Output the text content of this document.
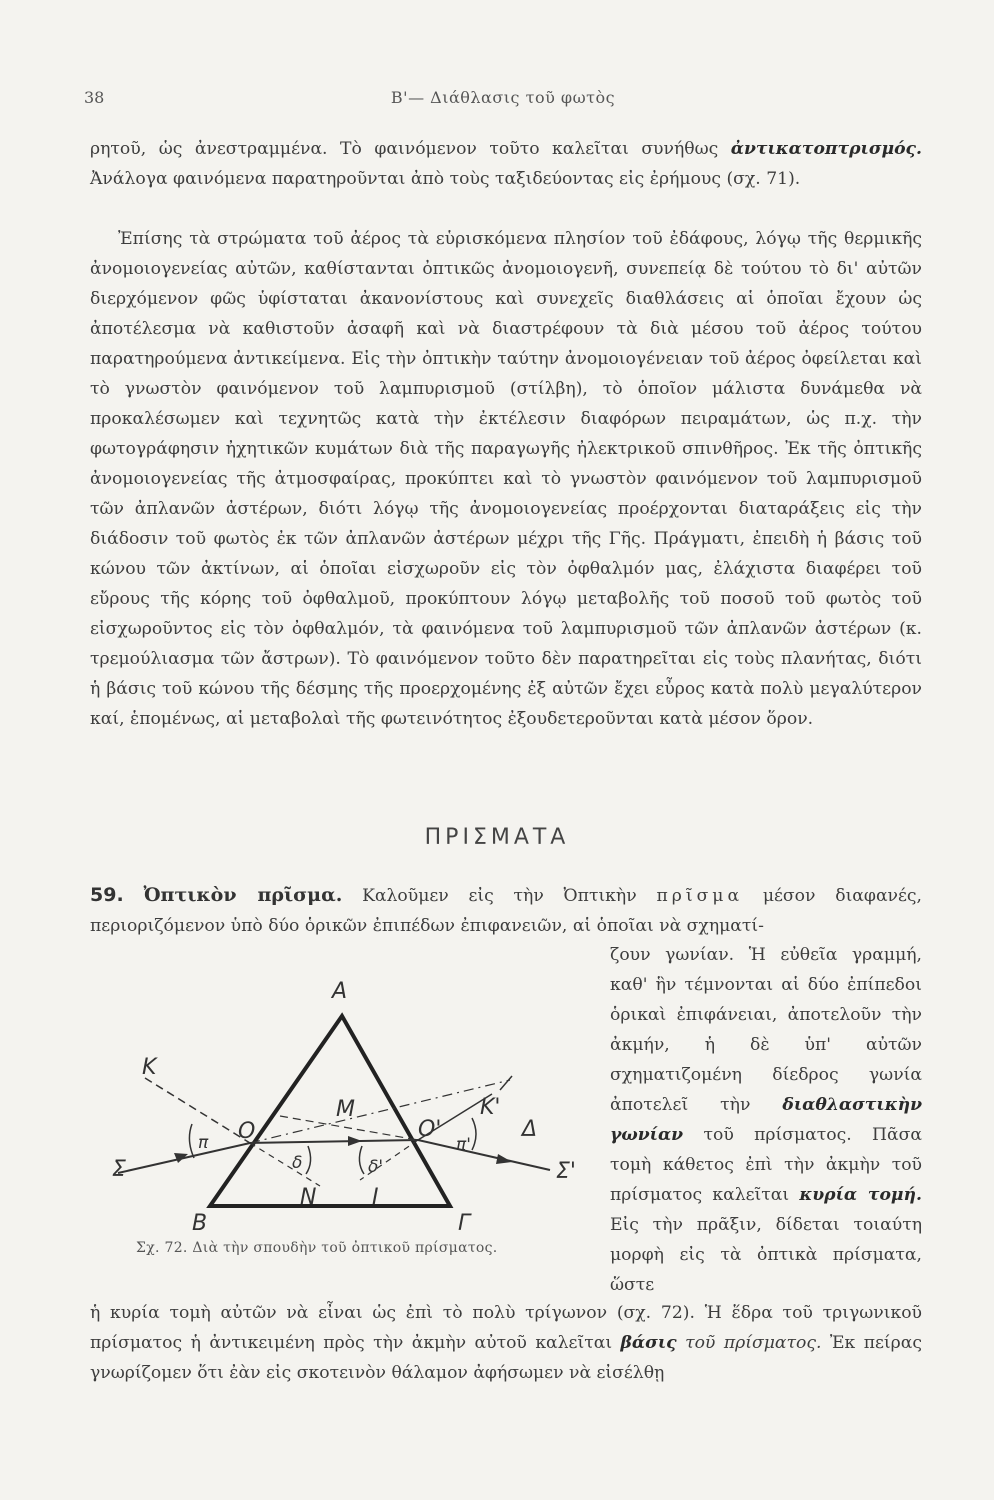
38	Β'— Διάθλασις τοῦ φωτὸς
ρητοῦ, ὡς ἀνεστραμμένα. Τὸ φαινόμενον τοῦτο καλεῖται συνήθως ἀντικατοπτρισμός. Ἀνάλογα φαινόμενα παρατηροῦνται ἀπὸ τοὺς ταξιδεύοντας εἰς ἐρήμους (σχ. 71).
Ἐπίσης τὰ στρώματα τοῦ ἀέρος τὰ εὑρισκόμενα πλησίον τοῦ ἐδάφους, λόγῳ τῆς θερμικῆς ἀνομοιογενείας αὐτῶν, καθίστανται ὀπτικῶς ἀνομοιογενῆ, συνεπείᾳ δὲ τούτου τὸ δι' αὐτῶν διερχόμενον φῶς ὑφίσταται ἀκανονίστους καὶ συνεχεῖς διαθλάσεις αἱ ὁποῖαι ἔχουν ὡς ἀποτέλεσμα νὰ καθιστοῦν ἀσαφῆ καὶ νὰ διαστρέφουν τὰ διὰ μέσου τοῦ ἀέρος τούτου παρατηρούμενα ἀντικείμενα. Εἰς τὴν ὀπτικὴν ταύτην ἀνομοιογένειαν τοῦ ἀέρος ὀφείλεται καὶ τὸ γνωστὸν φαινόμενον τοῦ λαμπυρισμοῦ (στίλβη), τὸ ὁποῖον μάλιστα δυνάμεθα νὰ προκαλέσωμεν καὶ τεχνητῶς κατὰ τὴν ἐκτέλεσιν διαφόρων πειραμάτων, ὡς π.χ. τὴν φωτογράφησιν ἠχητικῶν κυμάτων διὰ τῆς παραγωγῆς ἠλεκτρικοῦ σπινθῆρος. Ἐκ τῆς ὀπτικῆς ἀνομοιογενείας τῆς ἀτμοσφαίρας, προκύπτει καὶ τὸ γνωστὸν φαινόμενον τοῦ λαμπυρισμοῦ τῶν ἀπλανῶν ἀστέρων, διότι λόγῳ τῆς ἀνομοιογενείας προέρχονται διαταράξεις εἰς τὴν διάδοσιν τοῦ φωτὸς ἐκ τῶν ἀπλανῶν ἀστέρων μέχρι τῆς Γῆς. Πράγματι, ἐπειδὴ ἡ βάσις τοῦ κώνου τῶν ἀκτίνων, αἱ ὁποῖαι εἰσχωροῦν εἰς τὸν ὀφθαλμόν μας, ἐλάχιστα διαφέρει τοῦ εὔρους τῆς κόρης τοῦ ὀφθαλμοῦ, προκύπτουν λόγῳ μεταβολῆς τοῦ ποσοῦ τοῦ φωτὸς τοῦ εἰσχωροῦντος εἰς τὸν ὀφθαλμόν, τὰ φαινόμενα τοῦ λαμπυρισμοῦ τῶν ἀπλανῶν ἀστέρων (κ. τρεμούλιασμα τῶν ἄστρων). Τὸ φαινόμενον τοῦτο δὲν παρατηρεῖται εἰς τοὺς πλανήτας, διότι ἡ βάσις τοῦ κώνου τῆς δέσμης τῆς προερχομένης ἐξ αὐτῶν ἔχει εὖρος κατὰ πολὺ μεγαλύτερον καί, ἑπομένως, αἱ μεταβολαὶ τῆς φωτεινότητος ἐξουδετεροῦνται κατὰ μέσον ὅρον.
ΠΡΙΣΜΑΤΑ
59. Ὀπτικὸν πρῖσμα. Καλοῦμεν εἰς τὴν Ὀπτικὴν πρῖσμα μέσον διαφανές, περιοριζόμενον ὑπὸ δύο ὁρικῶν ἐπιπέδων ἐπιφανειῶν, αἱ ὁποῖαι νὰ σχηματί-
ζουν γωνίαν. Ἡ εὐθεῖα γραμμή, καθ' ἣν τέμνονται αἱ δύο ἐπίπεδοι ὁρικαὶ ἐπιφάνειαι, ἀποτελοῦν τὴν ἀκμήν, ἡ δὲ ὑπ' αὐτῶν σχηματιζομένη δίεδρος γωνία ἀποτελεῖ τὴν διαθλαστικὴν γωνίαν τοῦ πρίσματος. Πᾶσα τομὴ κάθετος ἐπὶ τὴν ἀκμὴν τοῦ πρίσματος καλεῖται κυρία τομή. Εἰς τὴν πρᾶξιν, δίδεται τοιαύτη μορφὴ εἰς τὰ ὀπτικὰ πρίσματα, ὥστε
A
B	Γ
K
K'
O	O'
M
N	I
Σ	Σ'
Δ
π	π'
δ	δ'
Σχ. 72. Διὰ τὴν σπουδὴν τοῦ ὀπτικοῦ πρίσματος.
ἡ κυρία τομὴ αὐτῶν νὰ εἶναι ὡς ἐπὶ τὸ πολὺ τρίγωνον (σχ. 72). Ἡ ἕδρα τοῦ τριγωνικοῦ πρίσματος ἡ ἀντικειμένη πρὸς τὴν ἀκμὴν αὐτοῦ καλεῖται βάσις τοῦ πρίσματος. Ἐκ πείρας γνωρίζομεν ὅτι ἐὰν εἰς σκοτεινὸν θάλαμον ἀφήσωμεν νὰ εἰσέλθῃ
